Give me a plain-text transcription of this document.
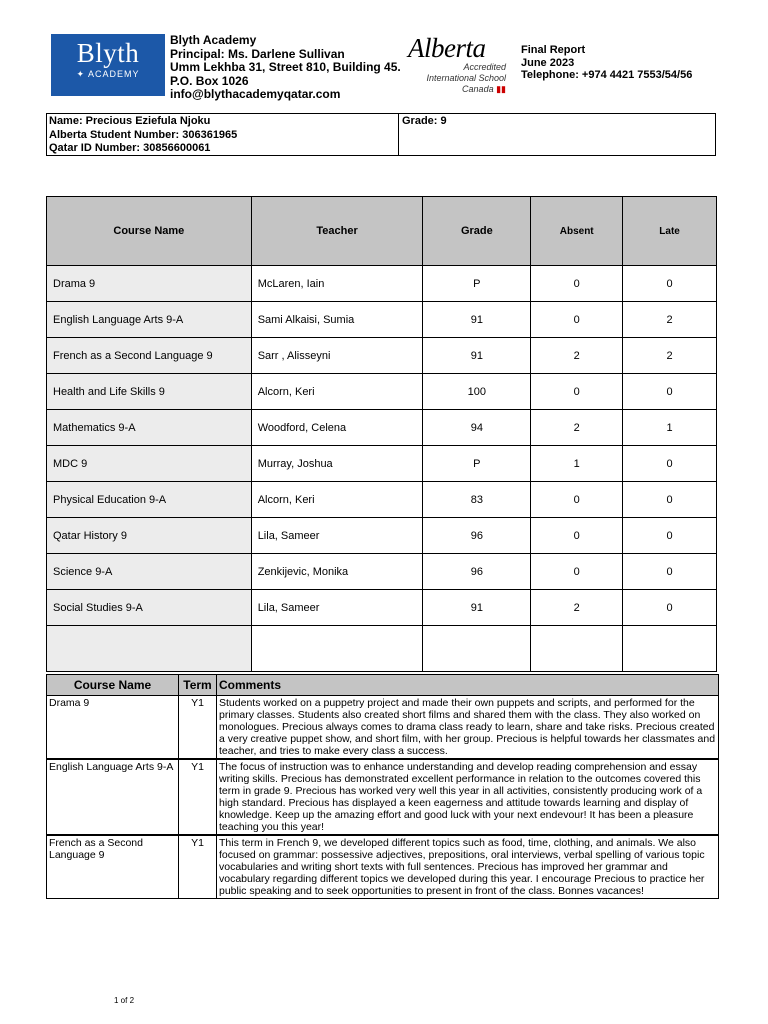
Blyth
✦ ACADEMY
Blyth Academy
Principal: Ms. Darlene Sullivan
Umm Lekhba 31, Street 810, Building 45.
P.O. Box 1026
info@blythacademyqatar.com
Alberta
Accredited
International School
Canada ▮▮
Final Report
June 2023
Telephone: +974 4421 7553/54/56
Name: Precious Eziefula Njoku
Alberta Student Number: 306361965
Qatar ID Number: 30856600061
Grade: 9
Course Name	Teacher	Grade	Absent	Late
Drama 9	McLaren, Iain	P	0	0
English Language Arts 9-A	Sami Alkaisi, Sumia	91	0	2
French as a Second Language 9	Sarr , Alisseyni	91	2	2
Health and Life Skills 9	Alcorn, Keri	100	0	0
Mathematics 9-A	Woodford, Celena	94	2	1
MDC 9	Murray, Joshua	P	1	0
Physical Education 9-A	Alcorn, Keri	83	0	0
Qatar History 9	Lila, Sameer	96	0	0
Science 9-A	Zenkijevic, Monika	96	0	0
Social Studies 9-A	Lila, Sameer	91	2	0

Course Name	Term	Comments
Drama 9	Y1	Students worked on a puppetry project and made their own puppets and scripts, and performed for the primary classes. Students also created short films and shared them with the class. They also worked on monologues. Precious always comes to drama class ready to learn, share and take risks. Precious created a very creative puppet show, and short film, with her group. Precious is helpful towards her classmates and teacher, and tries to make every class a success.
English Language Arts 9-A	Y1	The focus of instruction was to enhance understanding and develop reading comprehension and essay writing skills. Precious has demonstrated excellent performance in relation to the outcomes covered this term in grade 9. Precious has worked very well this year in all activities, consistently producing work of a high standard. Precious has displayed a keen eagerness and attitude towards learning and display of knowledge. Keep up the amazing effort and good luck with your next endevour! It has been a pleasure teaching you this year!
French as a Second Language 9	Y1	This term in French 9, we developed different topics such as food, time, clothing, and animals. We also focused on grammar: possessive adjectives, prepositions, oral interviews, verbal spelling of various topic vocabularies and writing short texts with full sentences. Precious has improved her grammar and vocabulary regarding different topics we developed during this year. I encourage Precious to practice her public speaking and to seek opportunities to present in front of the class. Bonnes vacances!
1 of 2
